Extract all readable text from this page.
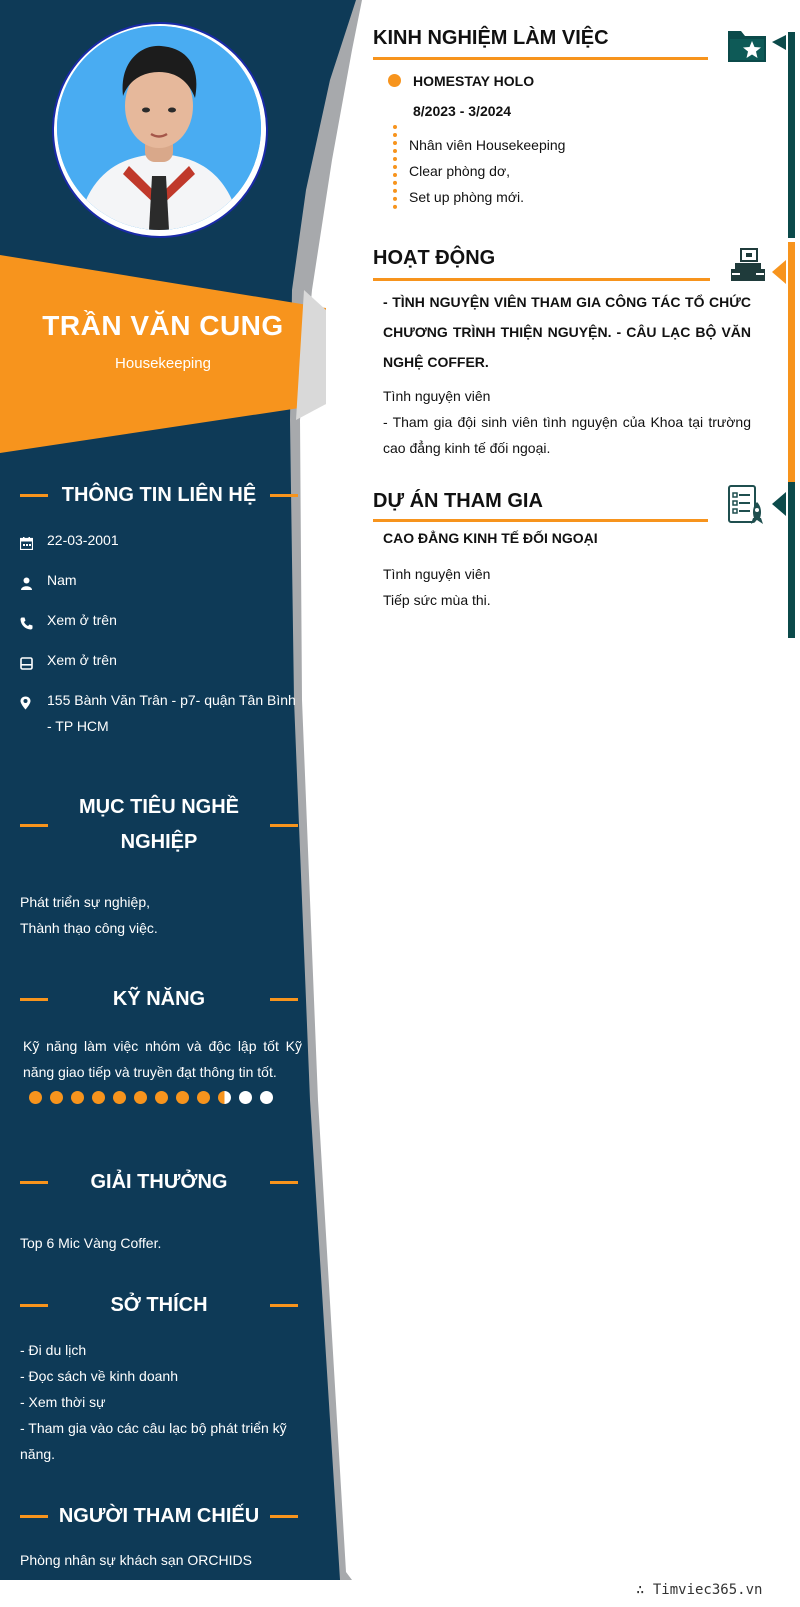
TRẦN VĂN CUNG
Housekeeping
THÔNG TIN LIÊN HỆ
22-03-2001
Nam
Xem ở trên
Xem ở trên
155 Bành Văn Trân - p7- quận Tân Bình - TP HCM
MỤC TIÊU NGHỀ
NGHIỆP
Phát triển sự nghiệp,
Thành thạo công việc.
KỸ NĂNG
Kỹ năng làm việc nhóm và độc lập tốt Kỹ năng giao tiếp và truyền đạt thông tin tốt.
GIẢI THƯỞNG
Top 6 Mic Vàng Coffer.
SỞ THÍCH
- Đi du lịch
- Đọc sách về kinh doanh
- Xem thời sự
- Tham gia vào các câu lạc bộ phát triển kỹ năng.
NGƯỜI THAM CHIẾU
Phòng nhân sự khách sạn ORCHIDS
KINH NGHIỆM LÀM VIỆC
HOMESTAY HOLO
8/2023 - 3/2024
Nhân viên Housekeeping
Clear phòng dơ,
Set up phòng mới.
HOẠT ĐỘNG
- TÌNH NGUYỆN VIÊN THAM GIA CÔNG TÁC TỔ CHỨC CHƯƠNG TRÌNH THIỆN NGUYỆN. - CÂU LẠC BỘ VĂN NGHỆ COFFER.
Tình nguyện viên
- Tham gia đội sinh viên tình nguyện của Khoa tại trường cao đẳng kinh tế đối ngoại.
DỰ ÁN THAM GIA
CAO ĐẲNG KINH TẾ ĐỐI NGOẠI
Tình nguyện viên
Tiếp sức mùa thi.
∴ Timviec365.vn
